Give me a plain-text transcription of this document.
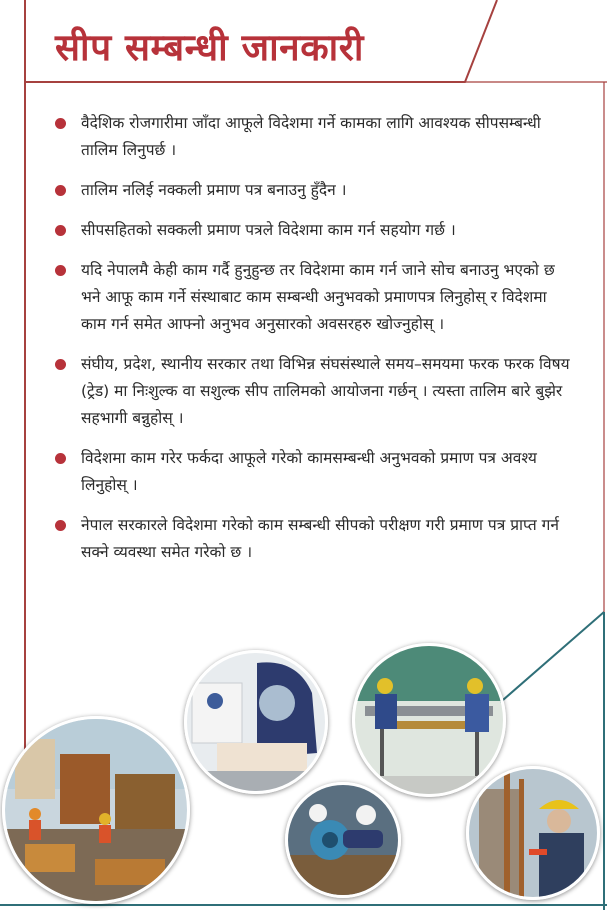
सीप सम्बन्धी जानकारी
वैदेशिक रोजगारीमा जाँदा आफूले विदेशमा गर्ने कामका लागि आवश्यक सीपसम्बन्धी तालिम लिनुपर्छ ।
तालिम नलिई नक्कली प्रमाण पत्र बनाउनु हुँदैन ।
सीपसहितको सक्कली प्रमाण पत्रले विदेशमा काम गर्न सहयोग गर्छ ।
यदि नेपालमै केही काम गर्दै हुनुहुन्छ तर विदेशमा काम गर्न जाने सोच बनाउनु भएको छ भने आफू काम गर्ने संस्थाबाट काम सम्बन्धी अनुभवको प्रमाणपत्र लिनुहोस् र विदेशमा काम गर्न समेत आफ्नो अनुभव अनुसारको अवसरहरु खोज्नुहोस् ।
संघीय, प्रदेश, स्थानीय सरकार तथा विभिन्न संघसंस्थाले समय–समयमा फरक फरक विषय (ट्रेड) मा निःशुल्क वा सशुल्क सीप तालिमको आयोजना गर्छन् । त्यस्ता तालिम बारे बुझेर सहभागी बन्नुहोस् ।
विदेशमा काम गरेर फर्कदा आफूले गरेको कामसम्बन्धी अनुभवको प्रमाण पत्र अवश्य लिनुहोस् ।
नेपाल सरकारले विदेशमा गरेको काम सम्बन्धी सीपको परीक्षण गरी प्रमाण पत्र प्राप्त गर्न सक्ने व्यवस्था समेत गरेको छ ।
